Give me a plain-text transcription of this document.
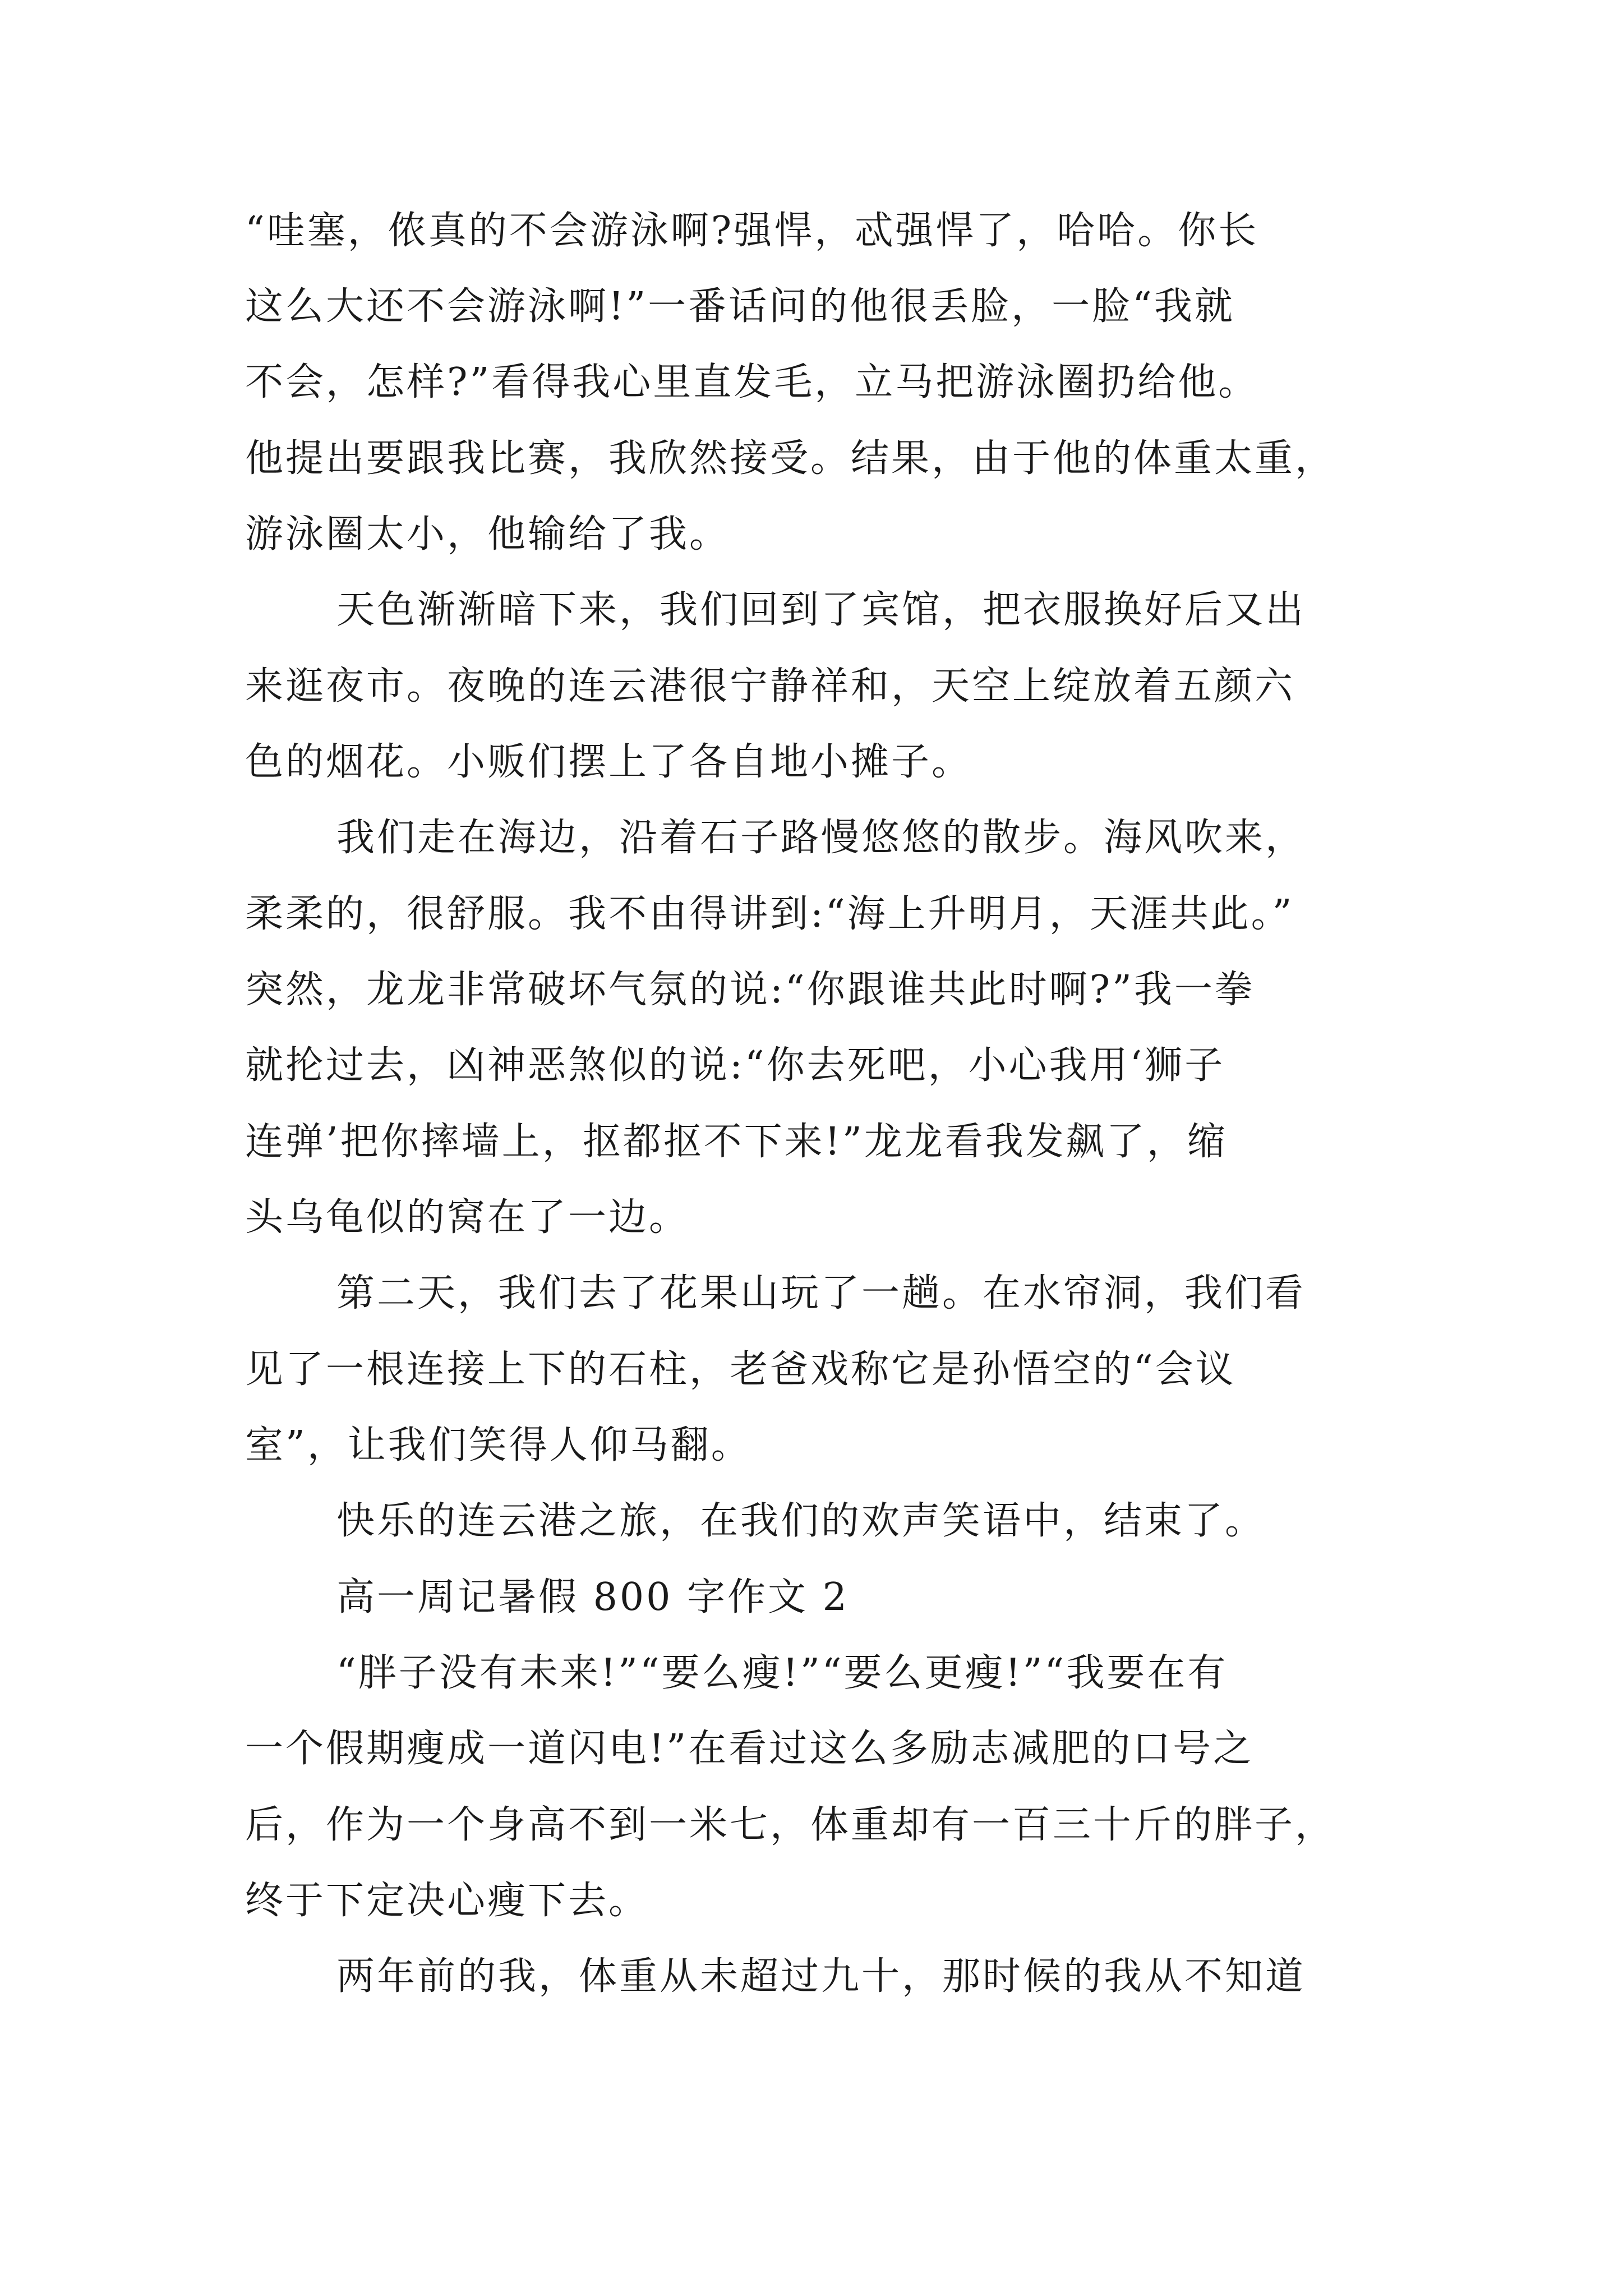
“哇塞，侬真的不会游泳啊?强悍，忒强悍了，哈哈。你长
这么大还不会游泳啊!”一番话问的他很丢脸，一脸“我就
不会，怎样?”看得我心里直发毛，立马把游泳圈扔给他。
他提出要跟我比赛，我欣然接受。结果，由于他的体重太重，
游泳圈太小，他输给了我。
天色渐渐暗下来，我们回到了宾馆，把衣服换好后又出
来逛夜市。夜晚的连云港很宁静祥和，天空上绽放着五颜六
色的烟花。小贩们摆上了各自地小摊子。
我们走在海边，沿着石子路慢悠悠的散步。海风吹来，
柔柔的，很舒服。我不由得讲到:“海上升明月，天涯共此。”
突然，龙龙非常破坏气氛的说:“你跟谁共此时啊?”我一拳
就抡过去，凶神恶煞似的说:“你去死吧，小心我用‘狮子
连弹’把你摔墙上，抠都抠不下来!”龙龙看我发飙了，缩
头乌龟似的窝在了一边。
第二天，我们去了花果山玩了一趟。在水帘洞，我们看
见了一根连接上下的石柱，老爸戏称它是孙悟空的“会议
室”，让我们笑得人仰马翻。
快乐的连云港之旅，在我们的欢声笑语中，结束了。
高一周记暑假 800 字作文 2
“胖子没有未来!”“要么瘦!”“要么更瘦!”“我要在有
一个假期瘦成一道闪电!”在看过这么多励志减肥的口号之
后，作为一个身高不到一米七，体重却有一百三十斤的胖子，
终于下定决心瘦下去。
两年前的我，体重从未超过九十，那时候的我从不知道
